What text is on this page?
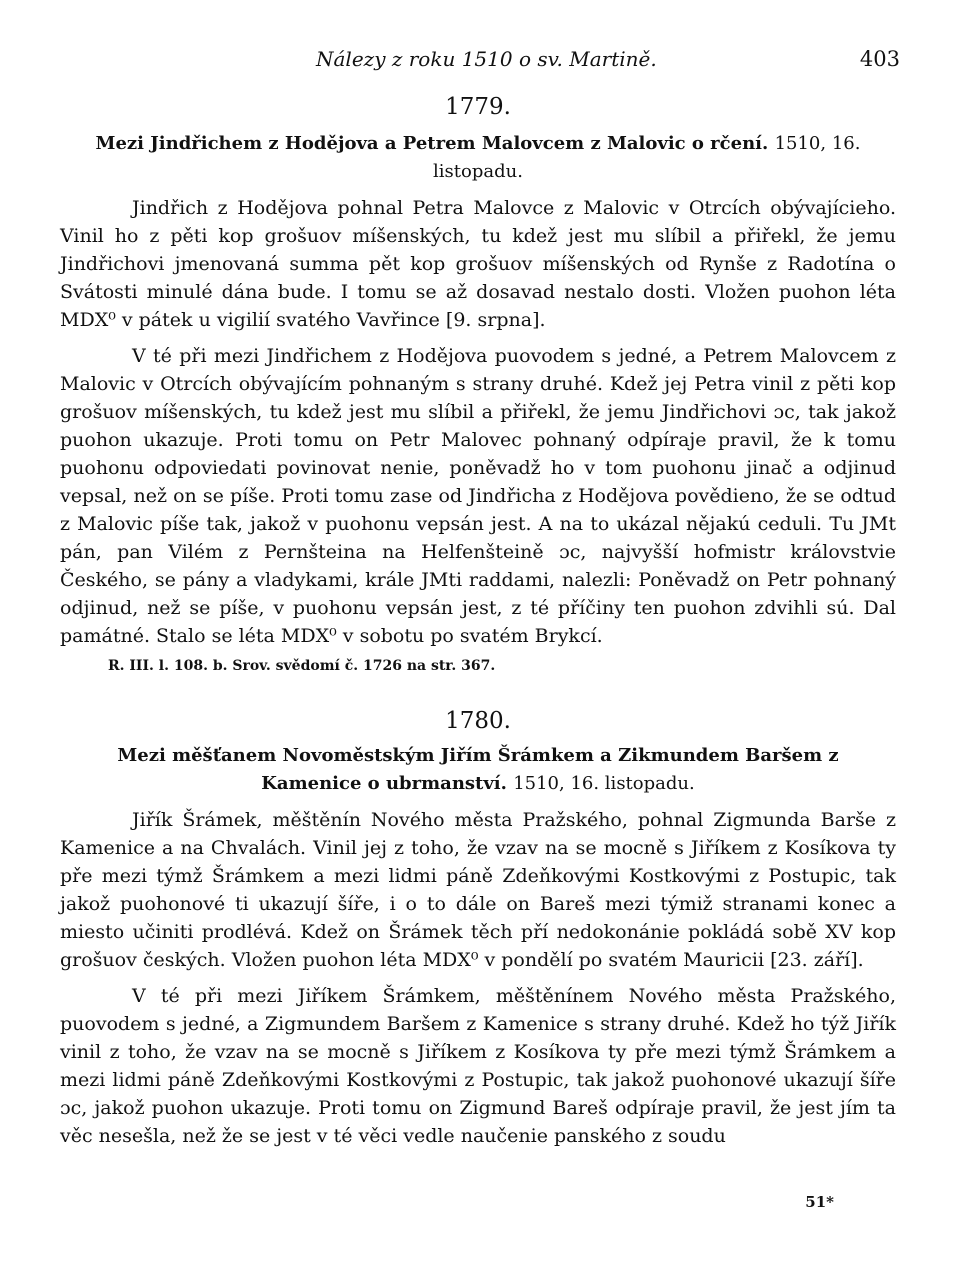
Nálezy z roku 1510 o sv. Martině.	403

1779.

Mezi Jindřichem z Hodějova a Petrem Malovcem z Malovic o rčení. 1510, 16. listopadu.

Jindřich z Hodějova pohnal Petra Malovce z Malovic v Otrcích obývajícieho. Vinil ho z pěti kop grošuov míšenských, tu kdež jest mu slíbil a přiřekl, že jemu Jindřichovi jmenovaná summa pět kop grošuov míšenských od Rynše z Radotína o Svátosti minulé dána bude. I tomu se až dosavad nestalo dosti. Vložen puohon léta MDX⁰ v pátek u vigilií svatého Vavřince [9. srpna].

V té při mezi Jindřichem z Hodějova puovodem s jedné, a Petrem Malovcem z Malovic v Otrcích obývajícím pohnaným s strany druhé. Kdež jej Petra vinil z pěti kop grošuov míšenských, tu kdež jest mu slíbil a přiřekl, že jemu Jindřichovi ɔc, tak jakož puohon ukazuje. Proti tomu on Petr Malovec pohnaný odpíraje pravil, že k tomu puohonu odpoviedati povinovat nenie, poněvadž ho v tom puohonu jinač a odjinud vepsal, než on se píše. Proti tomu zase od Jindřicha z Hodějova povědieno, že se odtud z Malovic píše tak, jakož v puohonu vepsán jest. A na to ukázal nějakú ceduli. Tu JMt pán, pan Vilém z Pernšteina na Helfenšteině ɔc, najvyšší hofmistr královstvie Českého, se pány a vladykami, krále JMti raddami, nalezli: Poněvadž on Petr pohnaný odjinud, než se píše, v puohonu vepsán jest, z té příčiny ten puohon zdvihli sú. Dal památné. Stalo se léta MDX⁰ v sobotu po svatém Brykcí.

R. III. l. 108. b. Srov. svědomí č. 1726 na str. 367.

1780.

Mezi měšťanem Novoměstským Jiřím Šrámkem a Zikmundem Baršem z Kamenice o ubrmanství. 1510, 16. listopadu.

Jiřík Šrámek, měštěnín Nového města Pražského, pohnal Zigmunda Barše z Kamenice a na Chvalách. Vinil jej z toho, že vzav na se mocně s Jiříkem z Kosíkova ty pře mezi týmž Šrámkem a mezi lidmi páně Zdeňkovými Kostkovými z Postupic, tak jakož puohonové ti ukazují šíře, i o to dále on Bareš mezi týmiž stranami konec a miesto učiniti prodlévá. Kdež on Šrámek těch pří nedokonánie pokládá sobě XV kop grošuov českých. Vložen puohon léta MDX⁰ v pondělí po svatém Mauricii [23. září].

V té při mezi Jiříkem Šrámkem, měštěnínem Nového města Pražského, puovodem s jedné, a Zigmundem Baršem z Kamenice s strany druhé. Kdež ho týž Jiřík vinil z toho, že vzav na se mocně s Jiříkem z Kosíkova ty pře mezi týmž Šrámkem a mezi lidmi páně Zdeňkovými Kostkovými z Postupic, tak jakož puohonové ukazují šíře ɔc, jakož puohon ukazuje. Proti tomu on Zigmund Bareš odpíraje pravil, že jest jím ta věc nesešla, než že se jest v té věci vedle naučenie panského z soudu

51*
